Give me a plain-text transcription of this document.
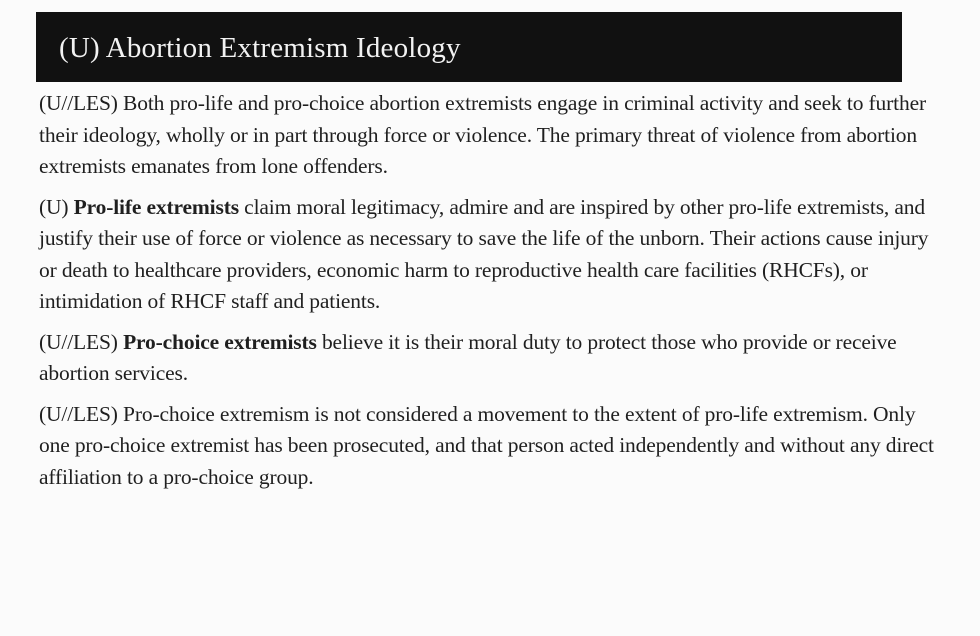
(U) Abortion Extremism Ideology

(U//LES) Both pro-life and pro-choice abortion extremists engage in criminal activity and seek to further their ideology, wholly or in part through force or violence. The primary threat of violence from abortion extremists emanates from lone offenders.

(U) Pro-life extremists claim moral legitimacy, admire and are inspired by other pro-life extremists, and justify their use of force or violence as necessary to save the life of the unborn. Their actions cause injury or death to healthcare providers, economic harm to reproductive health care facilities (RHCFs), or intimidation of RHCF staff and patients.

(U//LES) Pro-choice extremists believe it is their moral duty to protect those who provide or receive abortion services.

(U//LES) Pro-choice extremism is not considered a movement to the extent of pro-life extremism. Only one pro-choice extremist has been prosecuted, and that person acted independently and without any direct affiliation to a pro-choice group.
